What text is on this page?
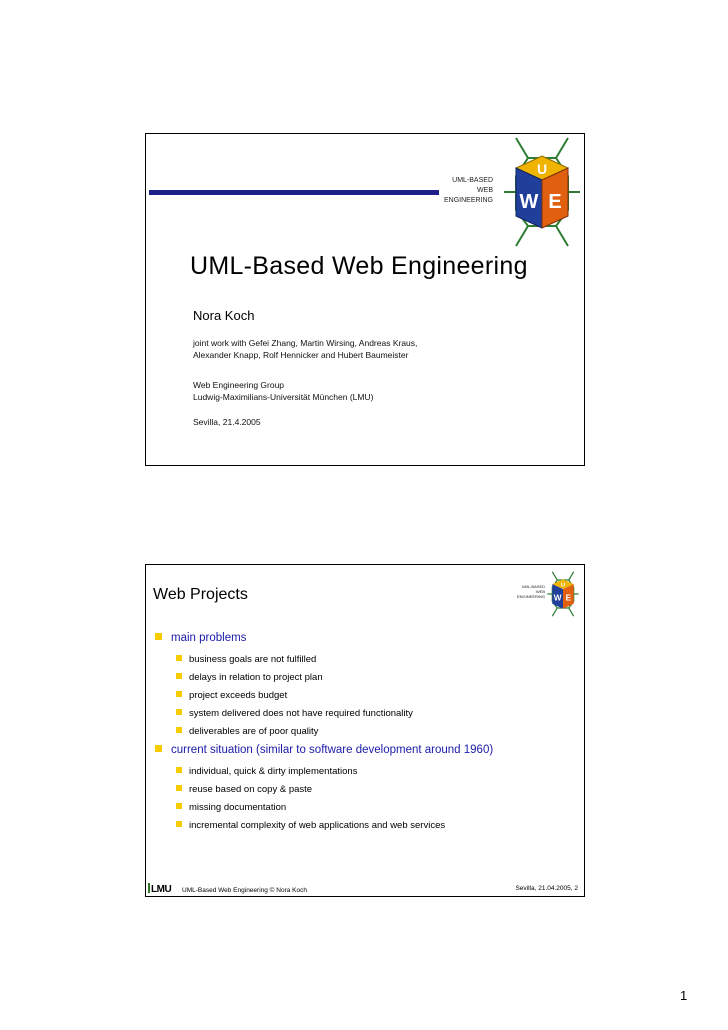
U
W E
UML-BASED
WEB
ENGINEERING
UML-Based Web Engineering
Nora Koch
joint work with Gefei Zhang, Martin Wirsing, Andreas Kraus,
Alexander Knapp, Rolf Hennicker and Hubert Baumeister
Web Engineering Group
Ludwig-Maximilians-Universität München (LMU)
Sevilla, 21.4.2005
Web Projects
U
W E
UML-BASED
WEB
ENGINEERING
main problems
business goals are not fulfilled
delays in relation to project plan
project exceeds budget
system delivered does not have required functionality
deliverables are of poor quality
current situation (similar to software development around 1960)
individual, quick & dirty implementations
reuse based on copy & paste
missing documentation
incremental complexity of web applications and web services
LMU UML-Based Web Engineering © Nora Koch	Sevilla, 21.04.2005, 2
1
